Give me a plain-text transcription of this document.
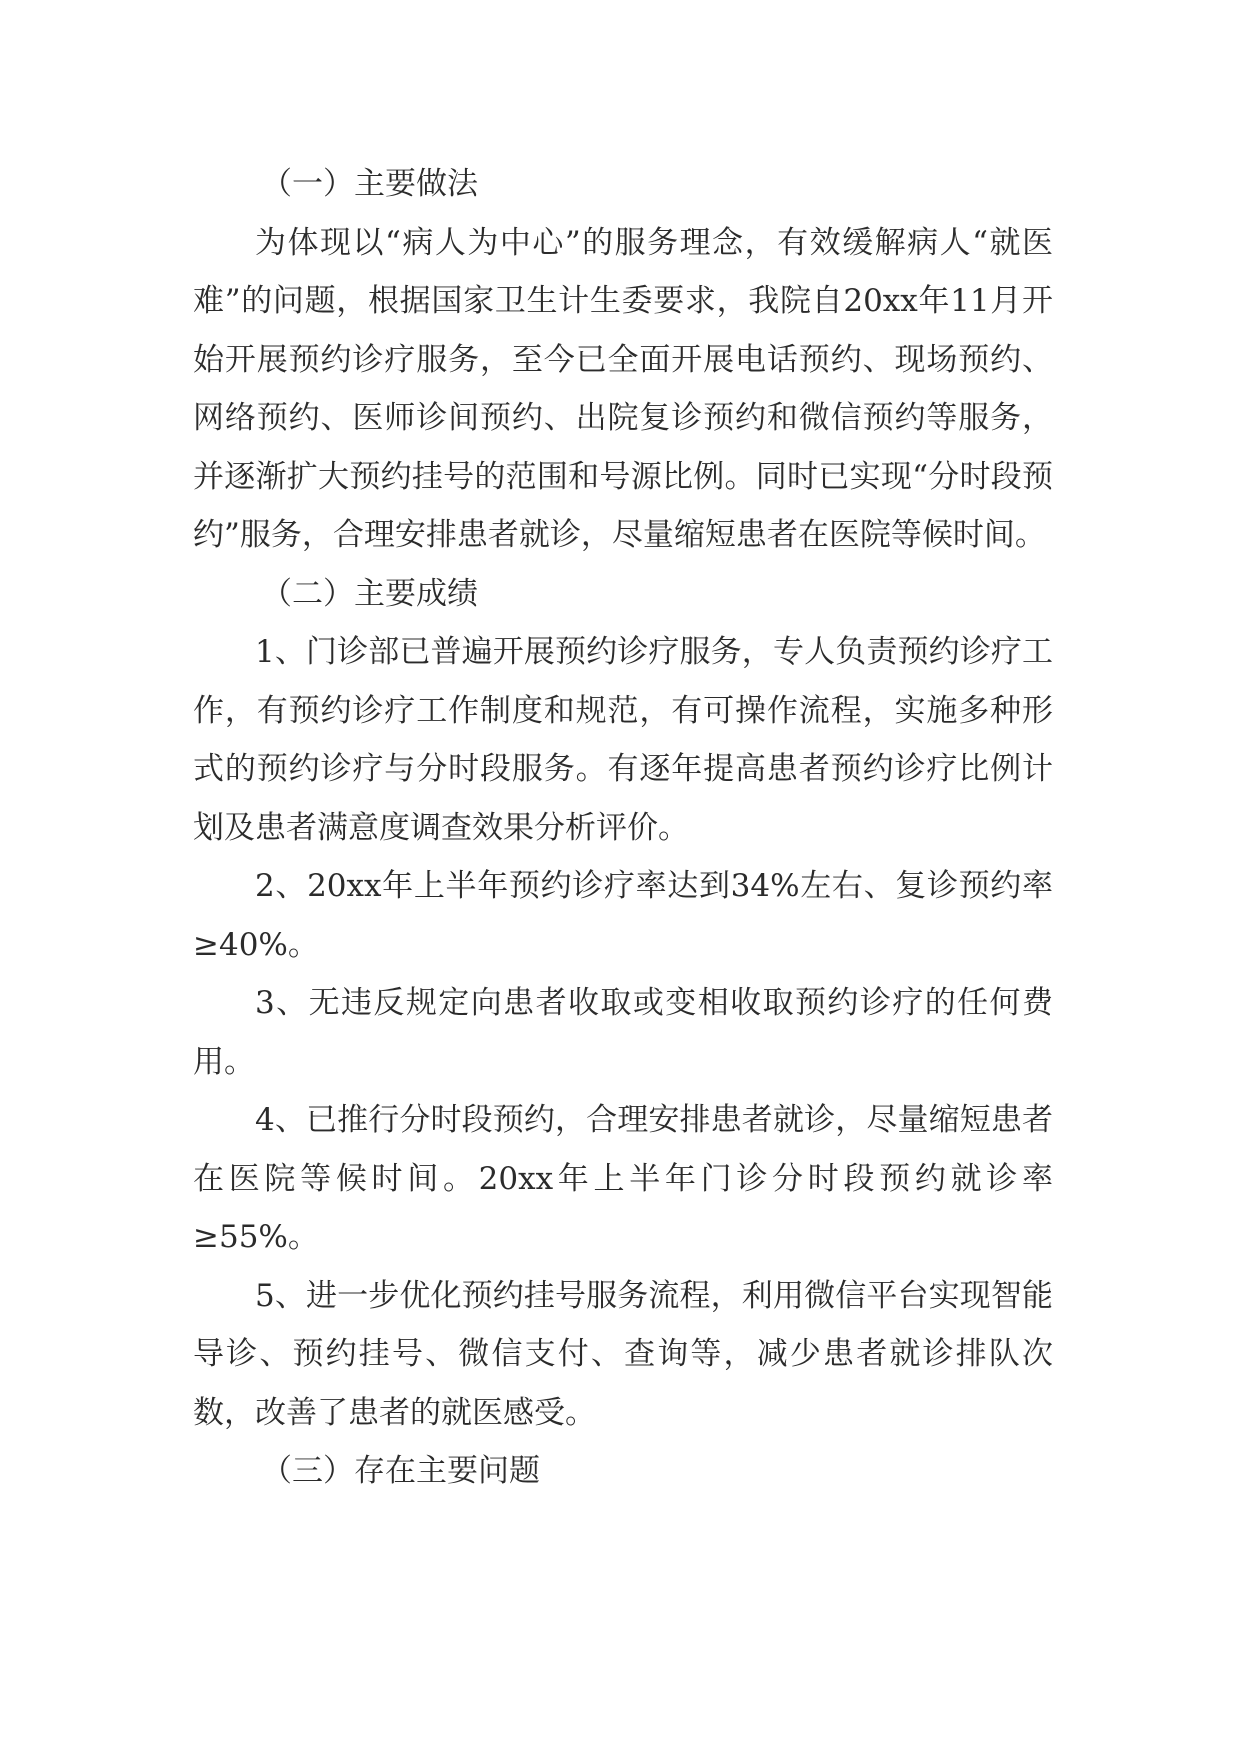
（一）主要做法

为体现以“病人为中心”的服务理念，有效缓解病人“就医难”的问题，根据国家卫生计生委要求，我院自20xx年11月开始开展预约诊疗服务，至今已全面开展电话预约、现场预约、网络预约、医师诊间预约、出院复诊预约和微信预约等服务，并逐渐扩大预约挂号的范围和号源比例。同时已实现“分时段预约”服务，合理安排患者就诊，尽量缩短患者在医院等候时间。

（二）主要成绩

1、门诊部已普遍开展预约诊疗服务，专人负责预约诊疗工作，有预约诊疗工作制度和规范，有可操作流程，实施多种形式的预约诊疗与分时段服务。有逐年提高患者预约诊疗比例计划及患者满意度调查效果分析评价。

2、20xx年上半年预约诊疗率达到34%左右、复诊预约率≥40%。

3、无违反规定向患者收取或变相收取预约诊疗的任何费用。

4、已推行分时段预约，合理安排患者就诊，尽量缩短患者在医院等候时间。20xx年上半年门诊分时段预约就诊率≥55%。

5、进一步优化预约挂号服务流程，利用微信平台实现智能导诊、预约挂号、微信支付、查询等，减少患者就诊排队次数，改善了患者的就医感受。

（三）存在主要问题
